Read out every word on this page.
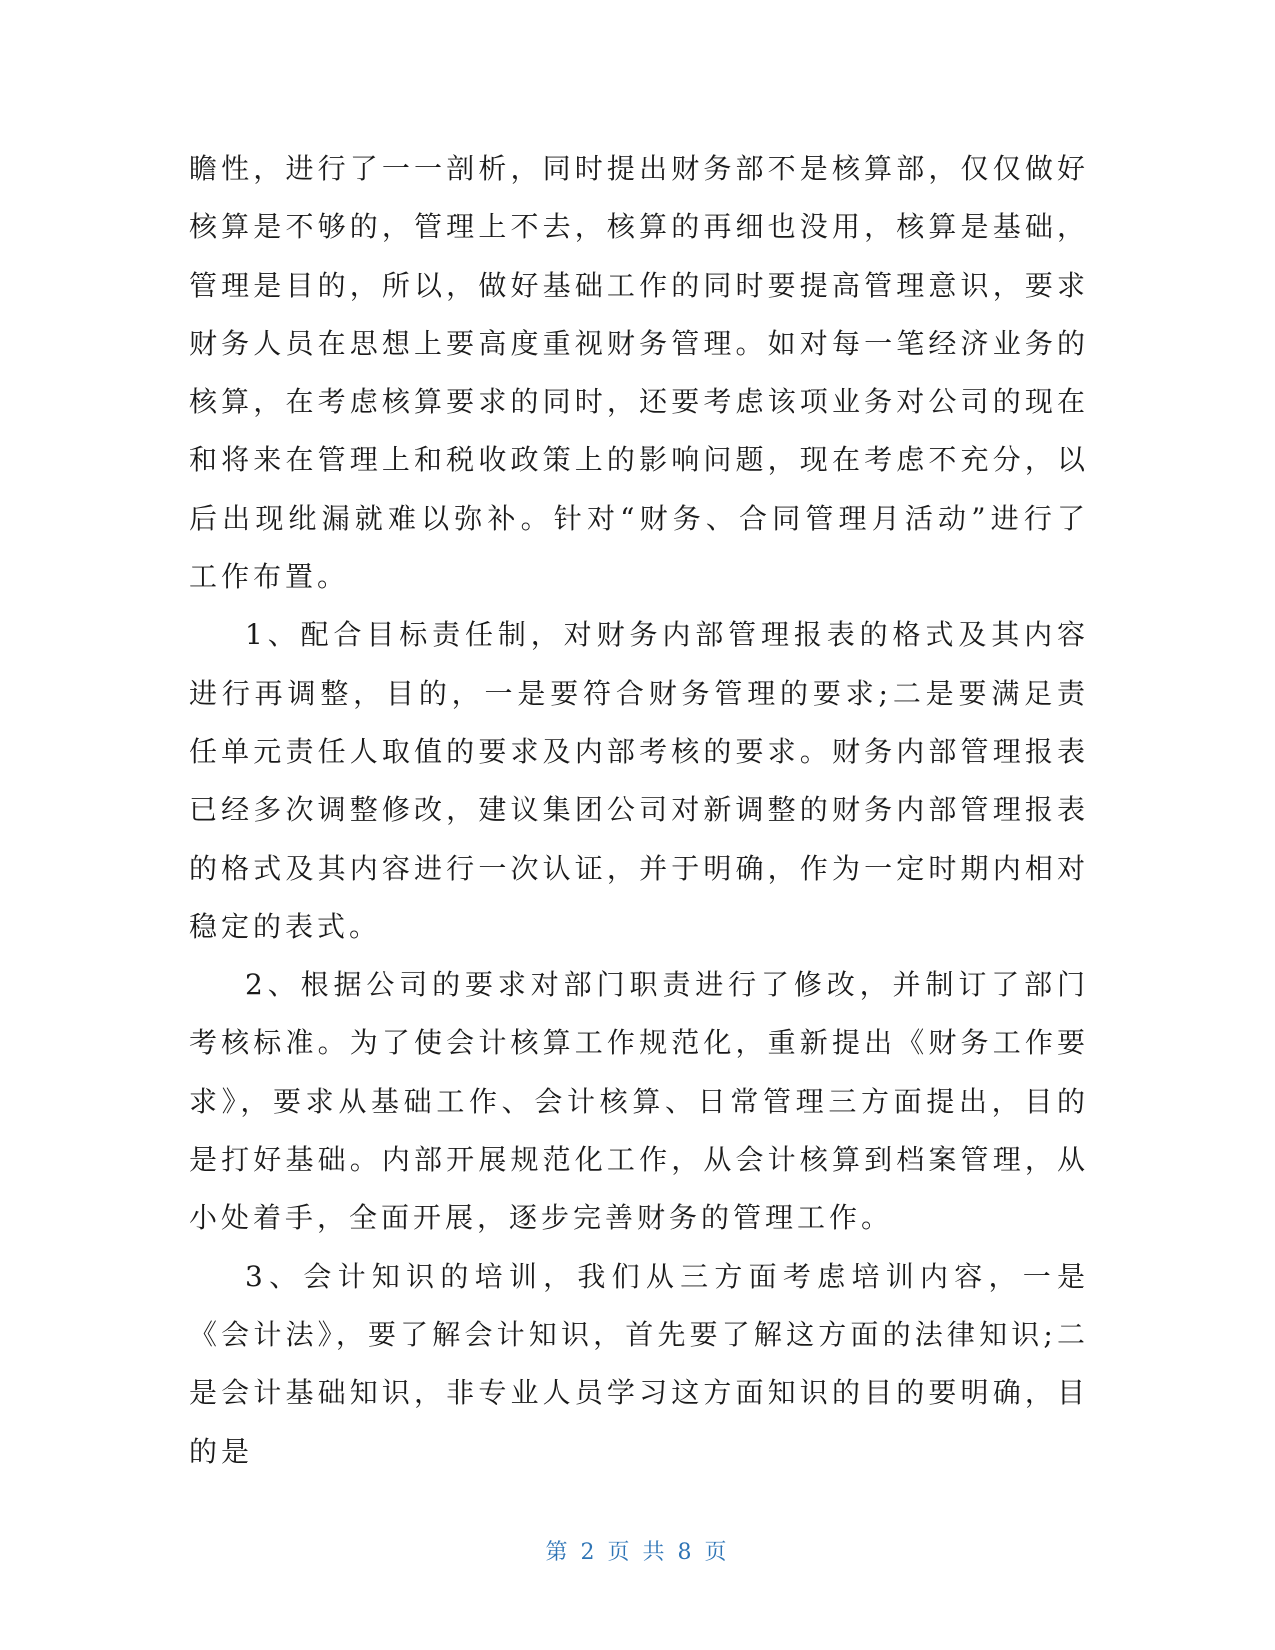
瞻性，进行了一一剖析，同时提出财务部不是核算部，仅仅做好核算是不够的，管理上不去，核算的再细也没用，核算是基础，管理是目的，所以，做好基础工作的同时要提高管理意识，要求财务人员在思想上要高度重视财务管理。如对每一笔经济业务的核算，在考虑核算要求的同时，还要考虑该项业务对公司的现在和将来在管理上和税收政策上的影响问题，现在考虑不充分，以后出现纰漏就难以弥补。针对“财务、合同管理月活动”进行了工作布置。

1、配合目标责任制，对财务内部管理报表的格式及其内容进行再调整，目的，一是要符合财务管理的要求;二是要满足责任单元责任人取值的要求及内部考核的要求。财务内部管理报表已经多次调整修改，建议集团公司对新调整的财务内部管理报表的格式及其内容进行一次认证，并于明确，作为一定时期内相对稳定的表式。

2、根据公司的要求对部门职责进行了修改，并制订了部门考核标准。为了使会计核算工作规范化，重新提出《财务工作要求》，要求从基础工作、会计核算、日常管理三方面提出，目的是打好基础。内部开展规范化工作，从会计核算到档案管理，从小处着手，全面开展，逐步完善财务的管理工作。

3、会计知识的培训，我们从三方面考虑培训内容，一是《会计法》，要了解会计知识，首先要了解这方面的法律知识;二是会计基础知识，非专业人员学习这方面知识的目的要明确，目的是

第 2 页 共 8 页
